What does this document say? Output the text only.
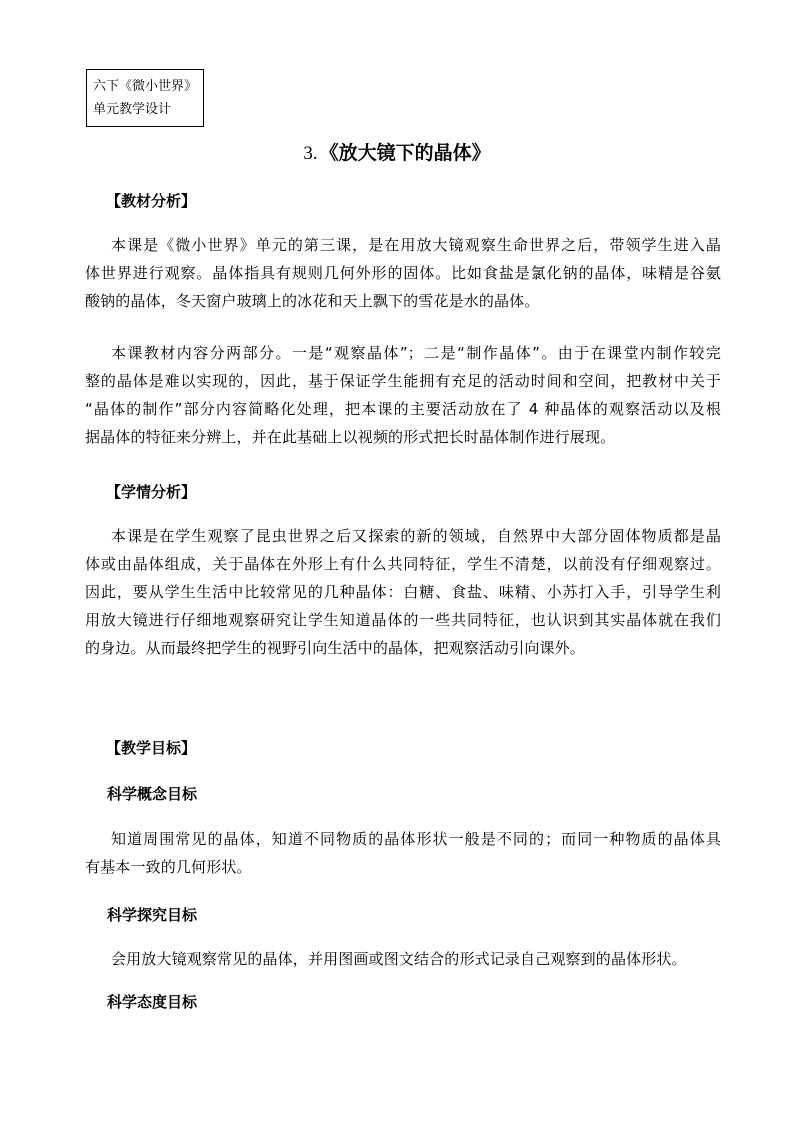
六下《微小世界》
单元教学设计
3. 《放大镜下的晶体》
【教材分析】
本课是《微小世界》单元的第三课，是在用放大镜观察生命世界之后，带领学生进入晶
体世界进行观察。晶体指具有规则几何外形的固体。比如食盐是氯化钠的晶体，味精是谷氨
酸钠的晶体，冬天窗户玻璃上的冰花和天上飘下的雪花是水的晶体。
本课教材内容分两部分。一是“观察晶体”；二是“制作晶体”。由于在课堂内制作较完
整的晶体是难以实现的，因此，基于保证学生能拥有充足的活动时间和空间，把教材中关于
“晶体的制作”部分内容简略化处理，把本课的主要活动放在了 4 种晶体的观察活动以及根
据晶体的特征来分辨上，并在此基础上以视频的形式把长时晶体制作进行展现。
【学情分析】
本课是在学生观察了昆虫世界之后又探索的新的领域，自然界中大部分固体物质都是晶
体或由晶体组成，关于晶体在外形上有什么共同特征，学生不清楚，以前没有仔细观察过。
因此，要从学生生活中比较常见的几种晶体：白糖、食盐、味精、小苏打入手，引导学生利
用放大镜进行仔细地观察研究让学生知道晶体的一些共同特征，也认识到其实晶体就在我们
的身边。从而最终把学生的视野引向生活中的晶体，把观察活动引向课外。
【教学目标】
科学概念目标
知道周围常见的晶体，知道不同物质的晶体形状一般是不同的；而同一种物质的晶体具
有基本一致的几何形状。
科学探究目标
会用放大镜观察常见的晶体，并用图画或图文结合的形式记录自己观察到的晶体形状。
科学态度目标
